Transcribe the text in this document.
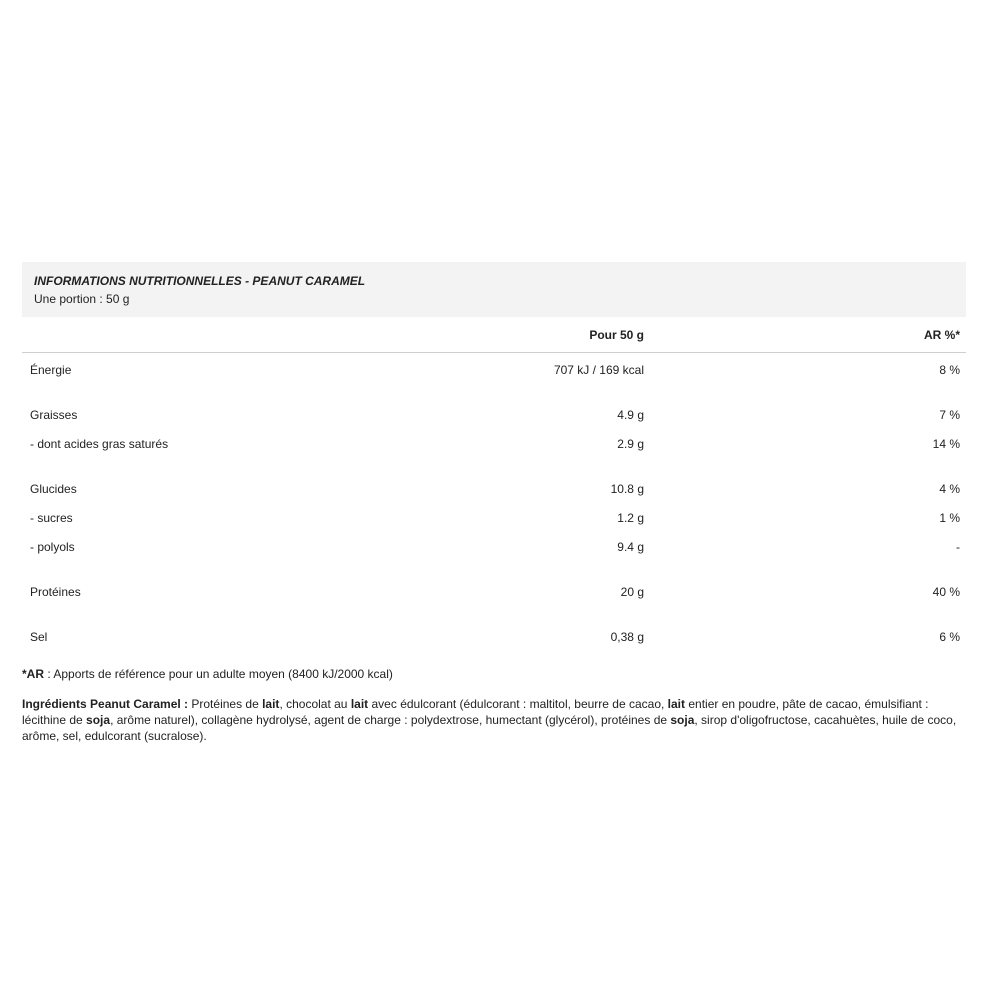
INFORMATIONS NUTRITIONNELLES - PEANUT CARAMEL
Une portion : 50 g
Pour 50 g	AR %*
Énergie	707 kJ / 169 kcal	8 %
Graisses	4.9 g	7 %
- dont acides gras saturés	2.9 g	14 %
Glucides	10.8 g	4 %
- sucres	1.2 g	1 %
- polyols	9.4 g	-
Protéines	20 g	40 %
Sel	0,38 g	6 %
*AR : Apports de référence pour un adulte moyen (8400 kJ/2000 kcal)
Ingrédients Peanut Caramel : Protéines de lait, chocolat au lait avec édulcorant (édulcorant : maltitol, beurre de cacao, lait entier en poudre, pâte de cacao, émulsifiant : lécithine de soja, arôme naturel), collagène hydrolysé, agent de charge : polydextrose, humectant (glycérol), protéines de soja, sirop d'oligofructose, cacahuètes, huile de coco, arôme, sel, edulcorant (sucralose).
